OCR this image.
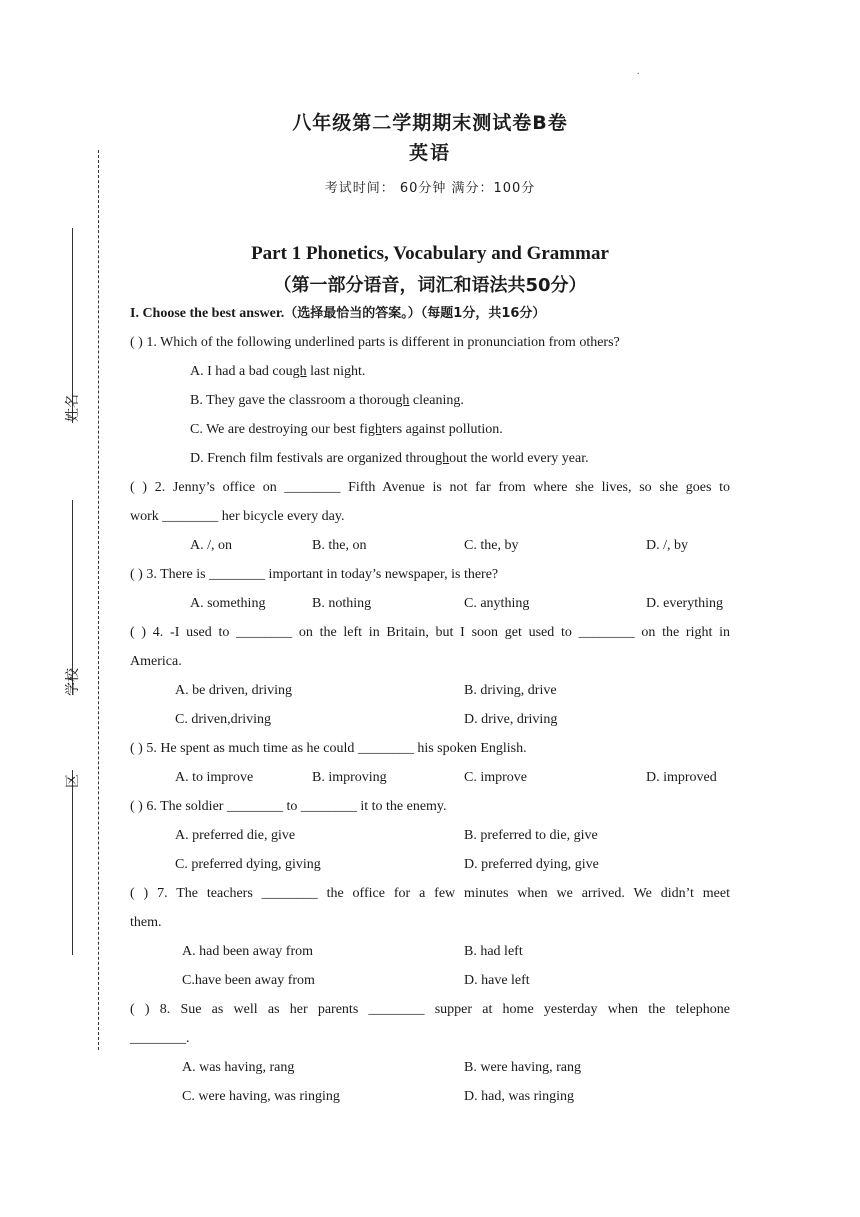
姓名
学校
区
.
八年级第二学期期末测试卷B卷
英语
考试时间： 60分钟 满分：100分
Part 1 Phonetics, Vocabulary and Grammar
（第一部分语音，词汇和语法共50分）
I. Choose the best answer.（选择最恰当的答案。）（每题1分，共16分）
( ) 1. Which of the following underlined parts is different in pronunciation from others?
A. I had a bad cough last night.
B. They gave the classroom a thorough cleaning.
C. We are destroying our best fighters against pollution.
D. French film festivals are organized throughout the world every year.
( ) 2. Jenny’s office on ________ Fifth Avenue is not far from where she lives, so she goes to
work ________ her bicycle every day.
A. /, on	B. the, on	C. the, by	D. /, by
( ) 3. There is ________ important in today’s newspaper, is there?
A. something	B. nothing	C. anything	D. everything
( ) 4. -I used to ________ on the left in Britain, but I soon get used to ________ on the right in
America.
A. be driven, driving	B. driving, drive
C. driven,driving	D. drive, driving
( ) 5. He spent as much time as he could ________ his spoken English.
A. to improve	B. improving	C. improve	D. improved
( ) 6. The soldier ________ to ________ it to the enemy.
A. preferred die, give	B. preferred to die, give
C. preferred dying, giving	D. preferred dying, give
( ) 7. The teachers ________ the office for a few minutes when we arrived. We didn’t meet
them.
A. had been away from	B. had left
C.have been away from	D. have left
( ) 8. Sue as well as her parents ________ supper at home yesterday when the telephone
________.
A. was having, rang	B. were having, rang
C. were having, was ringing	D. had, was ringing
